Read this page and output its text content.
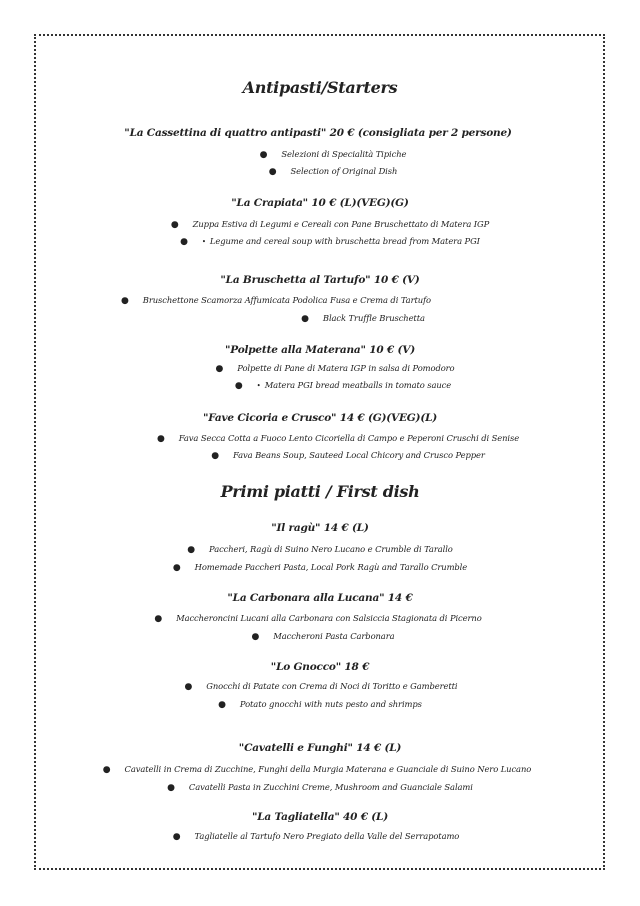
Antipasti/Starters
"La Cassettina di quattro antipasti" 20 € (consigliata per 2 persone)
● Selezioni di Specialità Tipiche
● Selection of Original Dish
"La Crapiata" 10 € (L)(VEG)(G)
● Zuppa Estiva di Legumi e Cereali con Pane Bruschettato di Matera IGP
● • Legume and cereal soup with bruschetta bread from Matera PGI
"La Bruschetta al Tartufo" 10 € (V)
● Bruschettone Scamorza Affumicata Podolica Fusa e Crema di Tartufo
● Black Truffle Bruschetta
"Polpette alla Materana" 10 € (V)
● Polpette di Pane di Matera IGP in salsa di Pomodoro
● • Matera PGI bread meatballs in tomato sauce
"Fave Cicoria e Crusco" 14 € (G)(VEG)(L)
● Fava Secca Cotta a Fuoco Lento Cicoriella di Campo e Peperoni Cruschi di Senise
● Fava Beans Soup, Sauteed Local Chicory and Crusco Pepper
Primi piatti / First dish
"Il ragù" 14 € (L)
● Paccheri, Ragù di Suino Nero Lucano e Crumble di Tarallo
● Homemade Paccheri Pasta, Local Pork Ragù and Tarallo Crumble
"La Carbonara alla Lucana" 14 €
● Maccheroncini Lucani alla Carbonara con Salsiccia Stagionata di Picerno
● Maccheroni Pasta Carbonara
"Lo Gnocco" 18 €
● Gnocchi di Patate con Crema di Noci di Toritto e Gamberetti
● Potato gnocchi with nuts pesto and shrimps
"Cavatelli e Funghi" 14 € (L)
● Cavatelli in Crema di Zucchine, Funghi della Murgia Materana e Guanciale di Suino Nero Lucano
● Cavatelli Pasta in Zucchini Creme, Mushroom and Guanciale Salami
"La Tagliatella" 40 € (L)
● Tagliatelle al Tartufo Nero Pregiato della Valle del Serrapotamo
